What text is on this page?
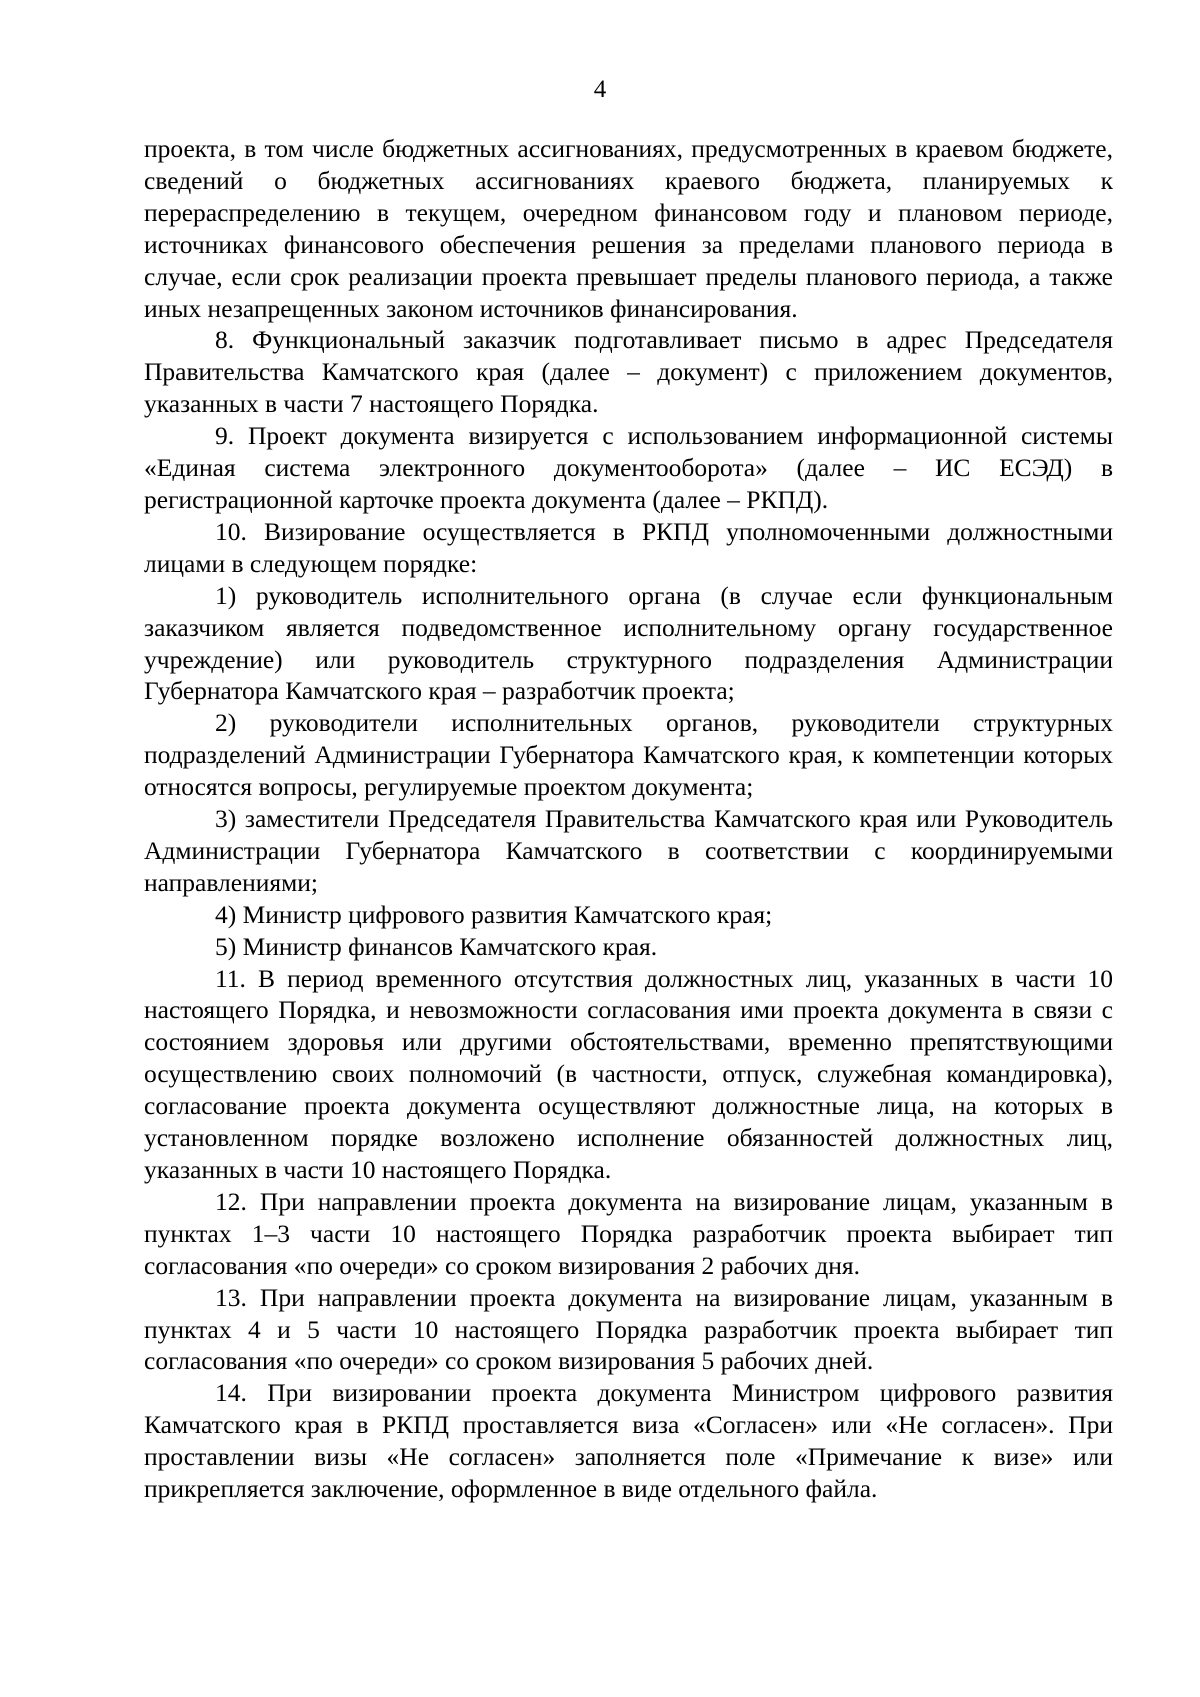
4

проекта, в том числе бюджетных ассигнованиях, предусмотренных в краевом бюджете, сведений о бюджетных ассигнованиях краевого бюджета, планируемых к перераспределению в текущем, очередном финансовом году и плановом периоде, источниках финансового обеспечения решения за пределами планового периода в случае, если срок реализации проекта превышает пределы планового периода, а также иных незапрещенных законом источников финансирования.

8. Функциональный заказчик подготавливает письмо в адрес Председателя Правительства Камчатского края (далее – документ) с приложением документов, указанных в части 7 настоящего Порядка.

9. Проект документа визируется с использованием информационной системы «Единая система электронного документооборота» (далее – ИС ЕСЭД) в регистрационной карточке проекта документа (далее – РКПД).

10. Визирование осуществляется в РКПД уполномоченными должностными лицами в следующем порядке:

1) руководитель исполнительного органа (в случае если функциональным заказчиком является подведомственное исполнительному органу государственное учреждение) или руководитель структурного подразделения Администрации Губернатора Камчатского края – разработчик проекта;

2) руководители исполнительных органов, руководители структурных подразделений Администрации Губернатора Камчатского края, к компетенции которых относятся вопросы, регулируемые проектом документа;

3) заместители Председателя Правительства Камчатского края или Руководитель Администрации Губернатора Камчатского в соответствии с координируемыми направлениями;

4) Министр цифрового развития Камчатского края;

5) Министр финансов Камчатского края.

11. В период временного отсутствия должностных лиц, указанных в части 10 настоящего Порядка, и невозможности согласования ими проекта документа в связи с состоянием здоровья или другими обстоятельствами, временно препятствующими осуществлению своих полномочий (в частности, отпуск, служебная командировка), согласование проекта документа осуществляют должностные лица, на которых в установленном порядке возложено исполнение обязанностей должностных лиц, указанных в части 10 настоящего Порядка.

12. При направлении проекта документа на визирование лицам, указанным в пунктах 1–3 части 10 настоящего Порядка разработчик проекта выбирает тип согласования «по очереди» со сроком визирования 2 рабочих дня.

13. При направлении проекта документа на визирование лицам, указанным в пунктах 4 и 5 части 10 настоящего Порядка разработчик проекта выбирает тип согласования «по очереди» со сроком визирования 5 рабочих дней.

14. При визировании проекта документа Министром цифрового развития Камчатского края в РКПД проставляется виза «Согласен» или «Не согласен». При проставлении визы «Не согласен» заполняется поле «Примечание к визе» или прикрепляется заключение, оформленное в виде отдельного файла.
